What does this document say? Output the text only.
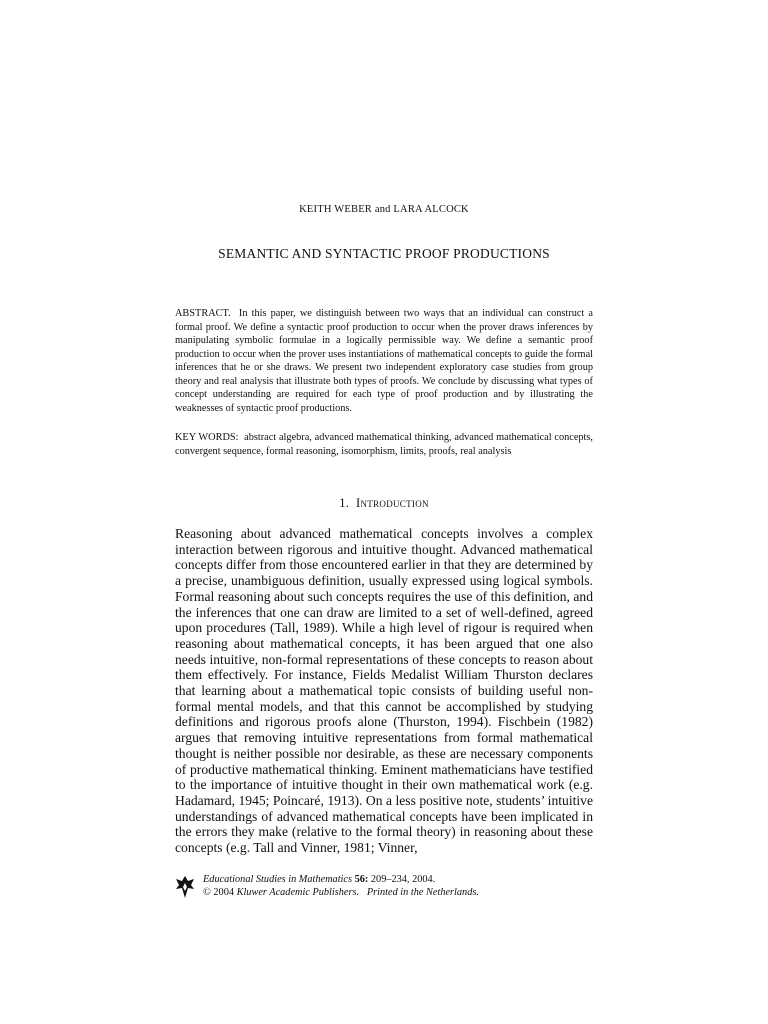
KEITH WEBER and LARA ALCOCK
SEMANTIC AND SYNTACTIC PROOF PRODUCTIONS
ABSTRACT. In this paper, we distinguish between two ways that an individual can construct a formal proof. We define a syntactic proof production to occur when the prover draws inferences by manipulating symbolic formulae in a logically permissible way. We define a semantic proof production to occur when the prover uses instantiations of mathematical concepts to guide the formal inferences that he or she draws. We present two independent exploratory case studies from group theory and real analysis that illustrate both types of proofs. We conclude by discussing what types of concept understanding are required for each type of proof production and by illustrating the weaknesses of syntactic proof productions.
KEY WORDS: abstract algebra, advanced mathematical thinking, advanced mathematical concepts, convergent sequence, formal reasoning, isomorphism, limits, proofs, real analysis
1. Introduction
Reasoning about advanced mathematical concepts involves a complex interaction between rigorous and intuitive thought. Advanced mathematical concepts differ from those encountered earlier in that they are determined by a precise, unambiguous definition, usually expressed using logical symbols. Formal reasoning about such concepts requires the use of this definition, and the inferences that one can draw are limited to a set of well-defined, agreed upon procedures (Tall, 1989). While a high level of rigour is required when reasoning about mathematical concepts, it has been argued that one also needs intuitive, non-formal representations of these concepts to reason about them effectively. For instance, Fields Medalist William Thurston declares that learning about a mathematical topic consists of building useful non-formal mental models, and that this cannot be accomplished by studying definitions and rigorous proofs alone (Thurston, 1994). Fischbein (1982) argues that removing intuitive representations from formal mathematical thought is neither possible nor desirable, as these are necessary components of productive mathematical thinking. Eminent mathematicians have testified to the importance of intuitive thought in their own mathematical work (e.g. Hadamard, 1945; Poincaré, 1913). On a less positive note, students’ intuitive understandings of advanced mathematical concepts have been implicated in the errors they make (relative to the formal theory) in reasoning about these concepts (e.g. Tall and Vinner, 1981; Vinner,
Educational Studies in Mathematics 56: 209–234, 2004.
© 2004 Kluwer Academic Publishers. Printed in the Netherlands.
